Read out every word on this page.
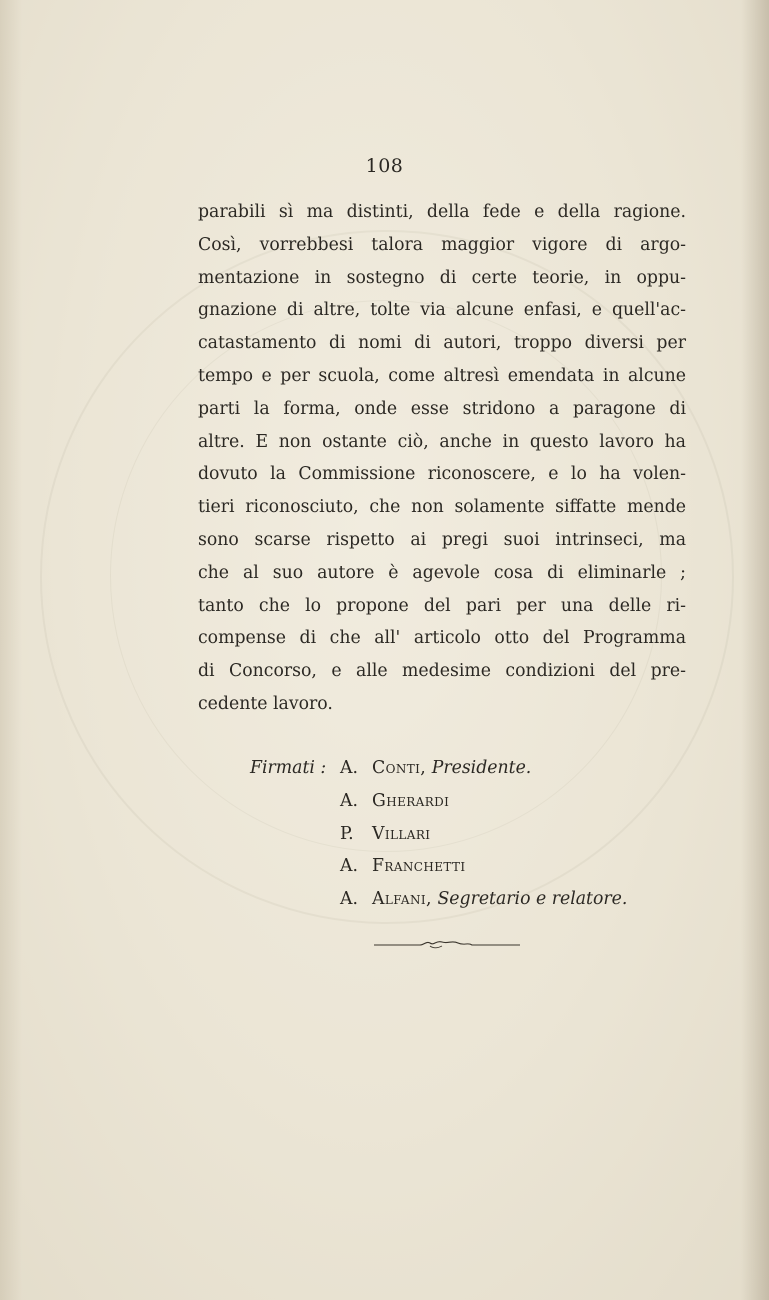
108
parabili sì ma distinti, della fede e della ragione.
Così, vorrebbesi talora maggior vigore di argo-
mentazione in sostegno di certe teorie, in oppu-
gnazione di altre, tolte via alcune enfasi, e quell'ac-
catastamento di nomi di autori, troppo diversi per
tempo e per scuola, come altresì emendata in alcune
parti la forma, onde esse stridono a paragone di
altre. E non ostante ciò, anche in questo lavoro ha
dovuto la Commissione riconoscere, e lo ha volen-
tieri riconosciuto, che non solamente siffatte mende
sono scarse rispetto ai pregi suoi intrinseci, ma
che al suo autore è agevole cosa di eliminarle ;
tanto che lo propone del pari per una delle ri-
compense di che all' articolo otto del Programma
di Concorso, e alle medesime condizioni del pre-
cedente lavoro.
Firmati : A. Conti,
Presidente.
A. Gherardi
P.	Villari
A. Franchetti
A. Alfani,
Segretario e relatore.
